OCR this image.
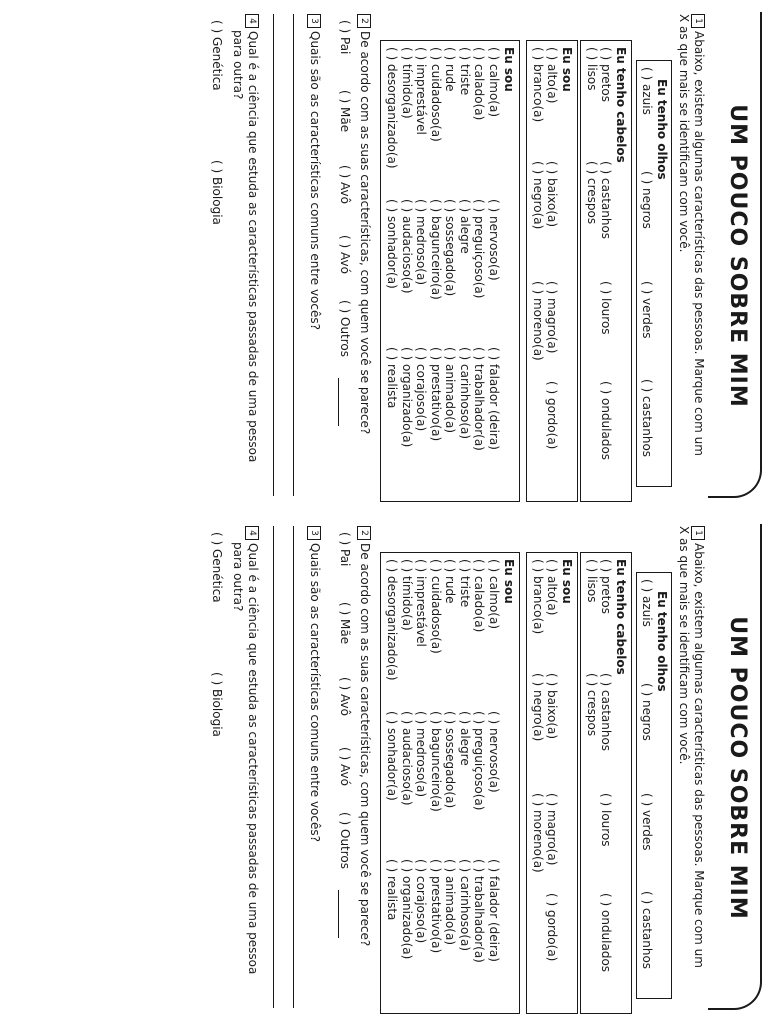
UM POUCO SOBRE MIM
1Abaixo, existem algumas características das pessoas. Marque com um
X as que mais se identificam com você.
Eu tenho olhos
( ) azuis
( ) negros
( ) verdes
( ) castanhos
Eu tenho cabelos
( ) pretos
( ) castanhos
( ) louros
( ) ondulados
( ) lisos
( ) crespos
Eu sou
( ) alto(a)
( ) baixo(a)
( ) magro(a)
( ) gordo(a)
( ) branco(a)
( ) negro(a)
( ) moreno(a)
Eu sou
( ) calmo(a)
( ) calado(a)
( ) triste
( ) rude
( ) cuidadoso(a)
( ) imprestável
( ) tímido(a)
( ) desorganizado(a)
( ) nervoso(a)
( ) preguiçoso(a)
( ) alegre
( ) sossegado(a)
( ) bagunceiro(a)
( ) medroso(a)
( ) audacioso(a)
( ) sonhador(a)
( ) falador (deira)
( ) trabalhador(a)
( ) carinhoso(a)
( ) animado(a)
( ) prestativo(a)
( ) corajoso(a)
( ) organizado(a)
( ) realista
2De acordo com as suas características, com quem você se parece?
( ) Pai
( ) Mãe
( ) Avô
( ) Avó
( ) Outros
3Quais são as características comuns entre vocês?
4Qual é a ciência que estuda as características passadas de uma pessoa
para outra?
( ) Genética
( ) Biologia
UM POUCO SOBRE MIM
1Abaixo, existem algumas características das pessoas. Marque com um
X as que mais se identificam com você.
Eu tenho olhos
( ) azuis
( ) negros
( ) verdes
( ) castanhos
Eu tenho cabelos
( ) pretos
( ) castanhos
( ) louros
( ) ondulados
( ) lisos
( ) crespos
Eu sou
( ) alto(a)
( ) baixo(a)
( ) magro(a)
( ) gordo(a)
( ) branco(a)
( ) negro(a)
( ) moreno(a)
Eu sou
( ) calmo(a)
( ) calado(a)
( ) triste
( ) rude
( ) cuidadoso(a)
( ) imprestável
( ) tímido(a)
( ) desorganizado(a)
( ) nervoso(a)
( ) preguiçoso(a)
( ) alegre
( ) sossegado(a)
( ) bagunceiro(a)
( ) medroso(a)
( ) audacioso(a)
( ) sonhador(a)
( ) falador (deira)
( ) trabalhador(a)
( ) carinhoso(a)
( ) animado(a)
( ) prestativo(a)
( ) corajoso(a)
( ) organizado(a)
( ) realista
2De acordo com as suas características, com quem você se parece?
( ) Pai
( ) Mãe
( ) Avô
( ) Avó
( ) Outros
3Quais são as características comuns entre vocês?
4Qual é a ciência que estuda as características passadas de uma pessoa
para outra?
( ) Genética
( ) Biologia
